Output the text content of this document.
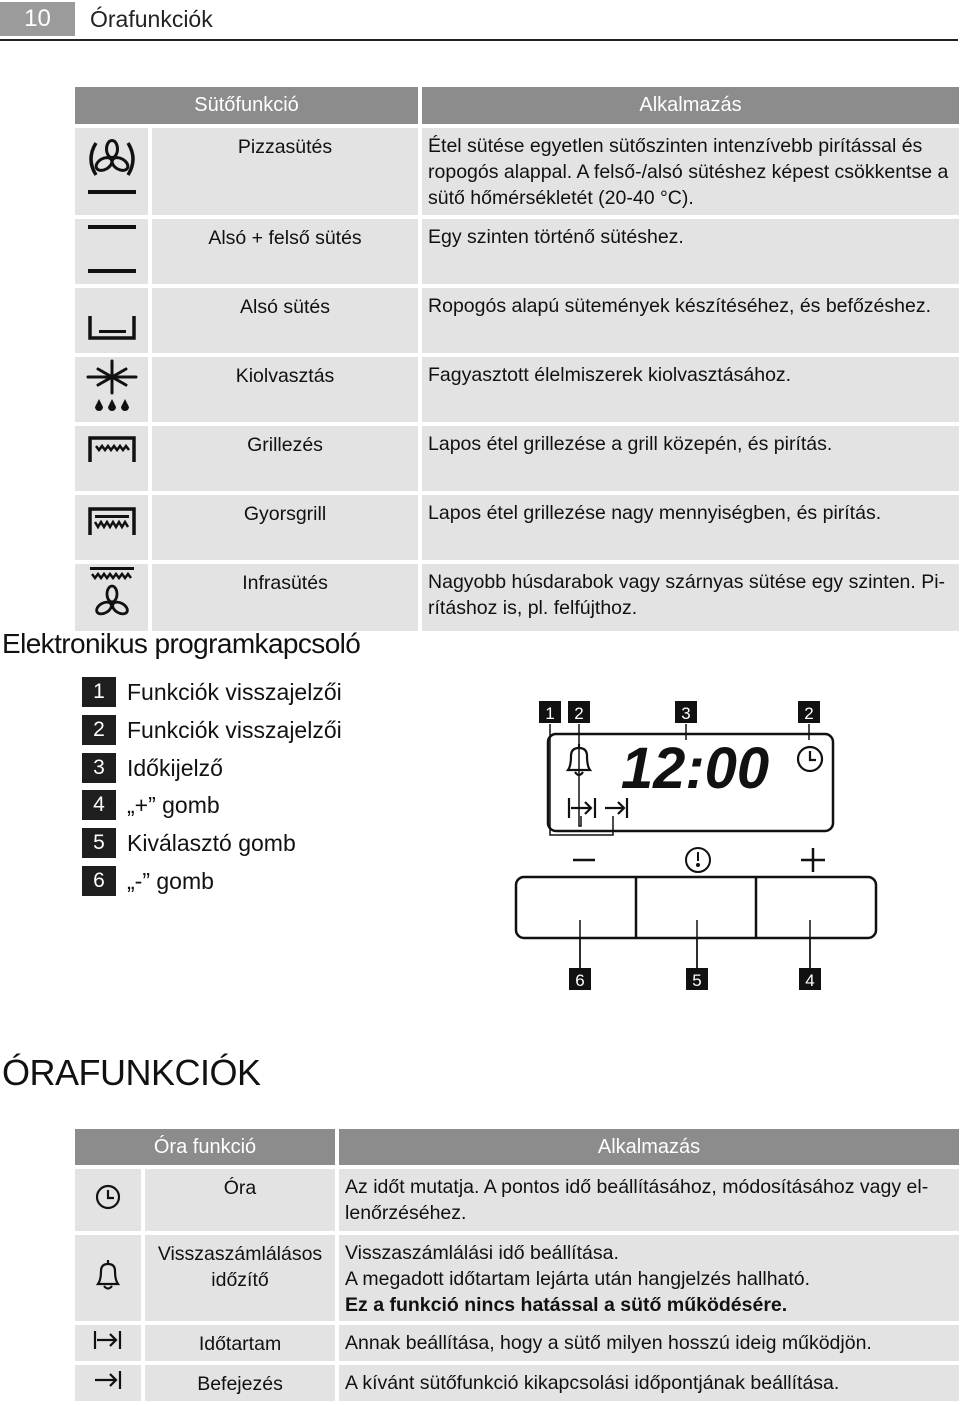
10	Órafunkciók
Sütőfunkció		Alkalmazás
	Pizzasütés	Étel sütése egyetlen sütőszinten intenzívebb pirítással és ropogós alappal. A felső-/alsó sütéshez képest csökkentse a sütő hőmérsékletét (20-40 °C).
	Alsó + felső sütés	Egy szinten történő sütéshez.
	Alsó sütés	Ropogós alapú sütemények készítéséhez, és befőzéshez.
	Kiolvasztás	Fagyasztott élelmiszerek kiolvasztásához.
	Grillezés	Lapos étel grillezése a grill közepén, és pirítás.
	Gyorsgrill	Lapos étel grillezése nagy mennyiségben, és pirítás.
	Infrasütés	Nagyobb húsdarabok vagy szárnyas sütése egy szinten. Pi-rításhoz is, pl. felfújthoz.
Elektronikus programkapcsoló
1 Funkciók visszajelzői
2 Funkciók visszajelzői
3 Időkijelző
4 „+” gomb
5 Kiválasztó gomb
6 „-” gomb
1 2	3	2
12:00
6	5	4
ÓRAFUNKCIÓK
Óra funkció		Alkalmazás
	Óra	Az időt mutatja. A pontos idő beállításához, módosításához vagy el-lenőrzéséhez.
	Visszaszámlálásos időzítő	Visszaszámlálási idő beállítása.
A megadott időtartam lejárta után hangjelzés hallható.
Ez a funkció nincs hatással a sütő működésére.

	Időtartam	Annak beállítása, hogy a sütő milyen hosszú ideig működjön.
	Befejezés	A kívánt sütőfunkció kikapcsolási időpontjának beállítása.
